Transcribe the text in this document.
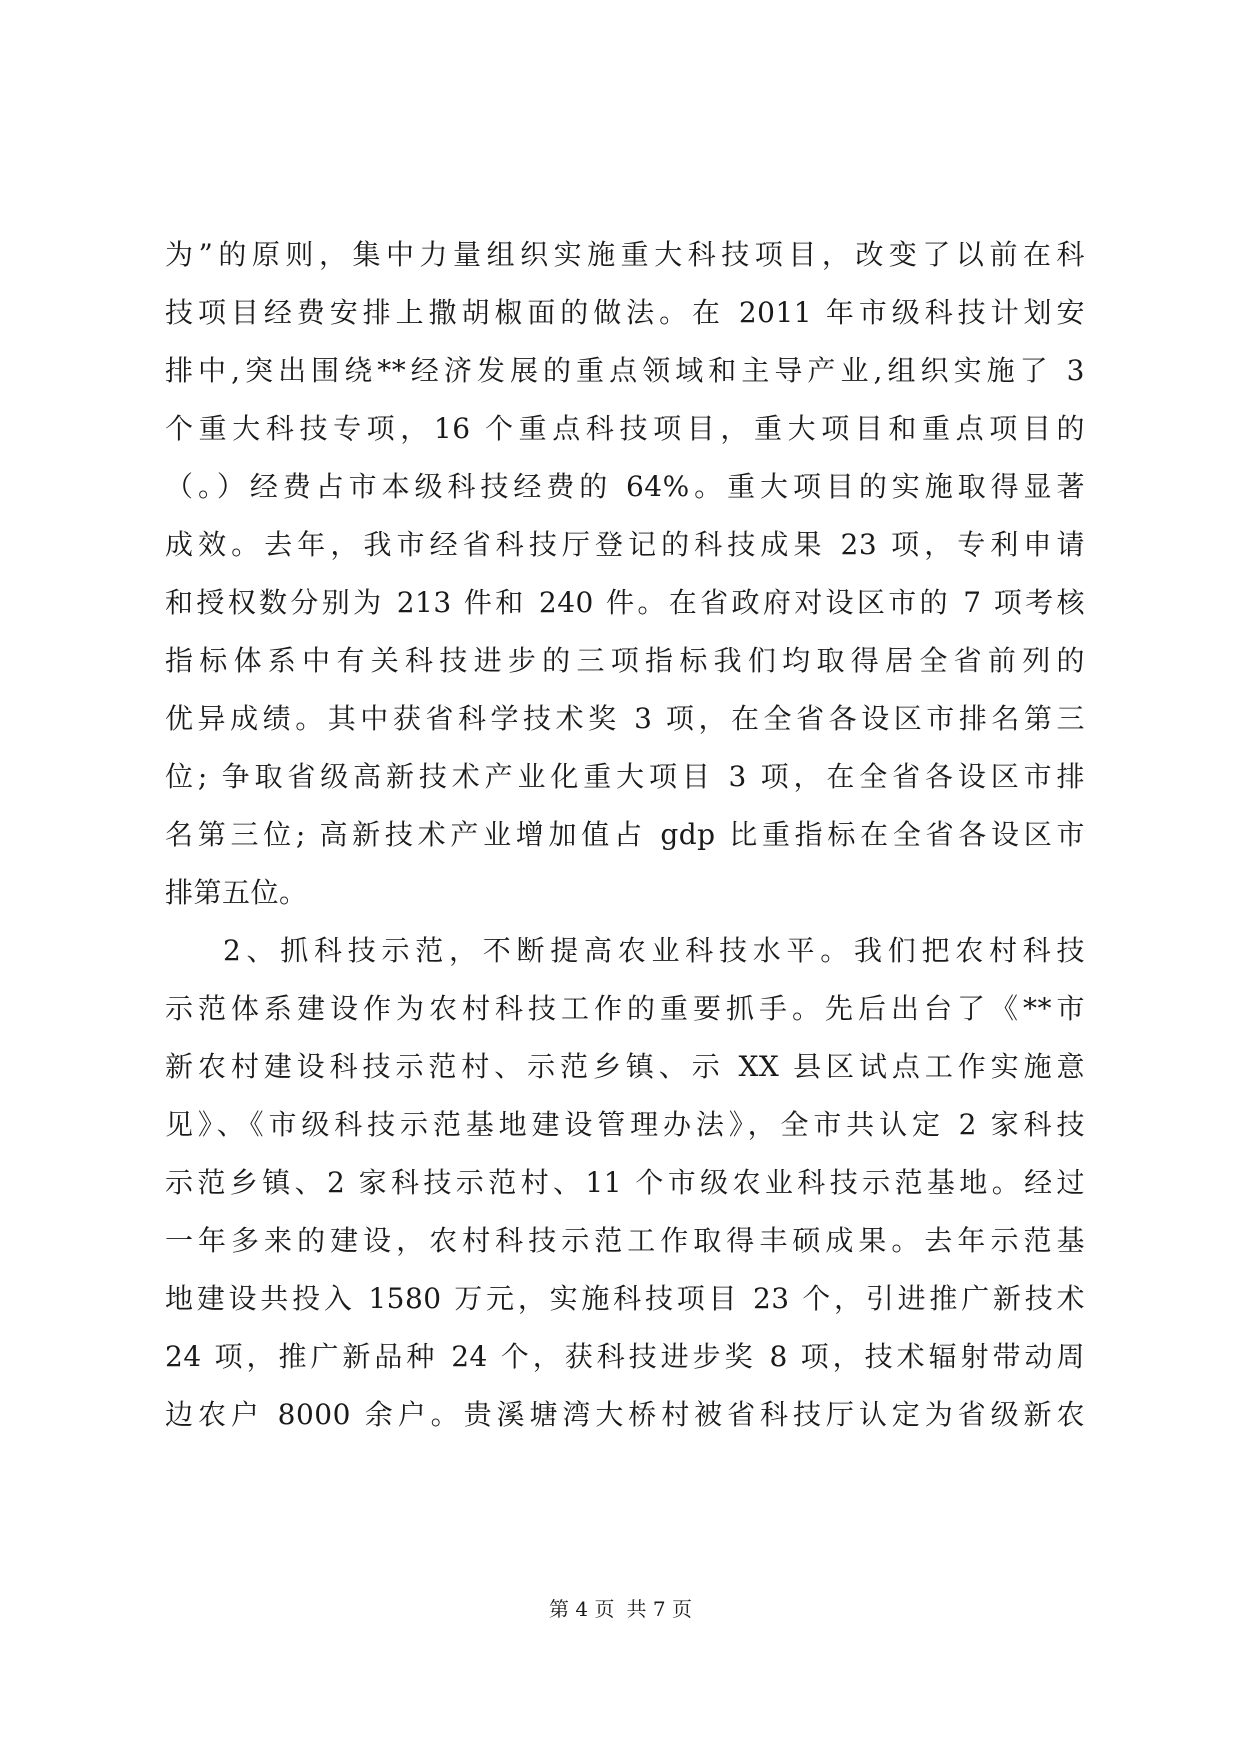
为”的原则，集中力量组织实施重大科技项目，改变了以前在科
技项目经费安排上撒胡椒面的做法。在 2011 年市级科技计划安
排中,突出围绕**经济发展的重点领域和主导产业,组织实施了 3
个重大科技专项，16 个重点科技项目，重大项目和重点项目的
（。）经费占市本级科技经费的 64%。重大项目的实施取得显著
成效。去年，我市经省科技厅登记的科技成果 23 项，专利申请
和授权数分别为 213 件和 240 件。在省政府对设区市的 7 项考核
指标体系中有关科技进步的三项指标我们均取得居全省前列的
优异成绩。其中获省科学技术奖 3 项，在全省各设区市排名第三
位; 争取省级高新技术产业化重大项目 3 项，在全省各设区市排
名第三位; 高新技术产业增加值占 gdp 比重指标在全省各设区市
排第五位。
2、抓科技示范，不断提高农业科技水平。我们把农村科技
示范体系建设作为农村科技工作的重要抓手。先后出台了《**市
新农村建设科技示范村、示范乡镇、示 XX 县区试点工作实施意
见》、《市级科技示范基地建设管理办法》，全市共认定 2 家科技
示范乡镇、2 家科技示范村、11 个市级农业科技示范基地。经过
一年多来的建设，农村科技示范工作取得丰硕成果。去年示范基
地建设共投入 1580 万元，实施科技项目 23 个，引进推广新技术
24 项，推广新品种 24 个，获科技进步奖 8 项，技术辐射带动周
边农户 8000 余户。贵溪塘湾大桥村被省科技厅认定为省级新农
第 4 页 共 7 页
